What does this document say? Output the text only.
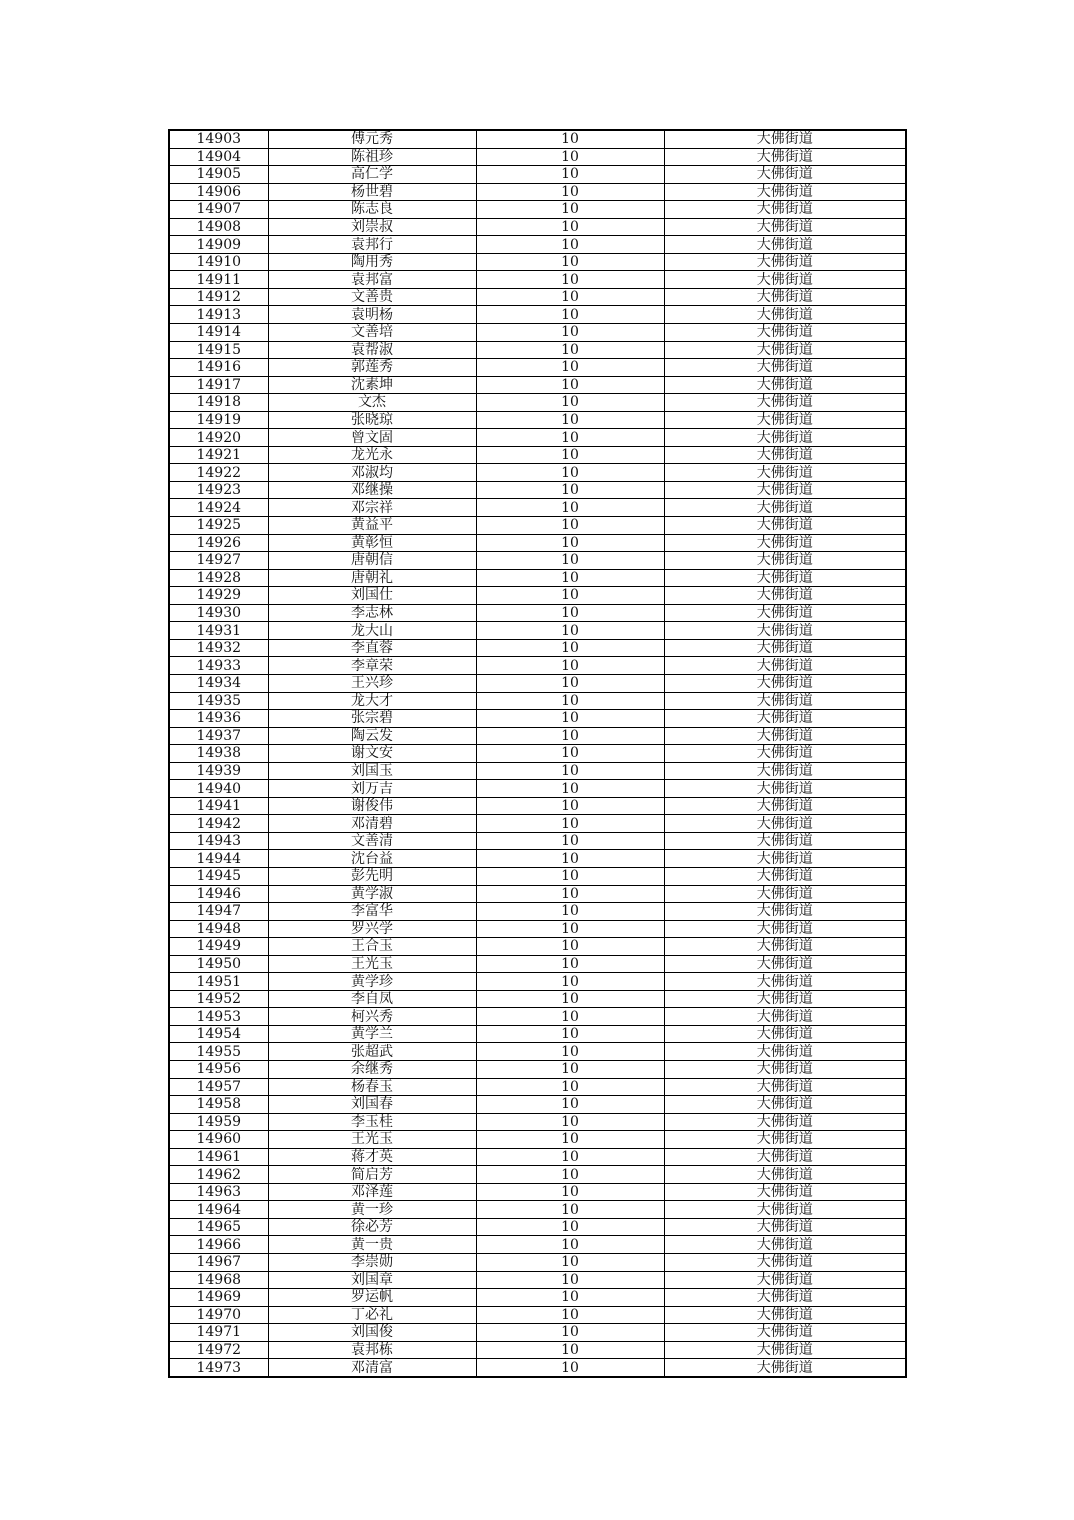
14903	傅元秀	10	大佛街道
14904	陈祖珍	10	大佛街道
14905	高仁学	10	大佛街道
14906	杨世碧	10	大佛街道
14907	陈志良	10	大佛街道
14908	刘崇叔	10	大佛街道
14909	袁邦行	10	大佛街道
14910	陶用秀	10	大佛街道
14911	袁邦富	10	大佛街道
14912	文善贵	10	大佛街道
14913	袁明杨	10	大佛街道
14914	文善培	10	大佛街道
14915	袁帮淑	10	大佛街道
14916	郭莲秀	10	大佛街道
14917	沈素坤	10	大佛街道
14918	文杰	10	大佛街道
14919	张晓琼	10	大佛街道
14920	曾文固	10	大佛街道
14921	龙光永	10	大佛街道
14922	邓淑均	10	大佛街道
14923	邓继操	10	大佛街道
14924	邓宗祥	10	大佛街道
14925	黄益平	10	大佛街道
14926	黄彰恒	10	大佛街道
14927	唐朝信	10	大佛街道
14928	唐朝礼	10	大佛街道
14929	刘国仕	10	大佛街道
14930	李志林	10	大佛街道
14931	龙大山	10	大佛街道
14932	李直蓉	10	大佛街道
14933	李章荣	10	大佛街道
14934	王兴珍	10	大佛街道
14935	龙大才	10	大佛街道
14936	张宗碧	10	大佛街道
14937	陶云发	10	大佛街道
14938	谢文安	10	大佛街道
14939	刘国玉	10	大佛街道
14940	刘万吉	10	大佛街道
14941	谢俊伟	10	大佛街道
14942	邓清碧	10	大佛街道
14943	文善清	10	大佛街道
14944	沈台益	10	大佛街道
14945	彭先明	10	大佛街道
14946	黄学淑	10	大佛街道
14947	李富华	10	大佛街道
14948	罗兴学	10	大佛街道
14949	王合玉	10	大佛街道
14950	王光玉	10	大佛街道
14951	黄学珍	10	大佛街道
14952	李自凤	10	大佛街道
14953	柯兴秀	10	大佛街道
14954	黄学兰	10	大佛街道
14955	张超武	10	大佛街道
14956	余继秀	10	大佛街道
14957	杨春玉	10	大佛街道
14958	刘国春	10	大佛街道
14959	李玉桂	10	大佛街道
14960	王光玉	10	大佛街道
14961	蒋才英	10	大佛街道
14962	简启芳	10	大佛街道
14963	邓泽莲	10	大佛街道
14964	黄一珍	10	大佛街道
14965	徐必芳	10	大佛街道
14966	黄一贵	10	大佛街道
14967	李崇勋	10	大佛街道
14968	刘国章	10	大佛街道
14969	罗运帆	10	大佛街道
14970	丁必礼	10	大佛街道
14971	刘国俊	10	大佛街道
14972	袁邦栋	10	大佛街道
14973	邓清富	10	大佛街道
